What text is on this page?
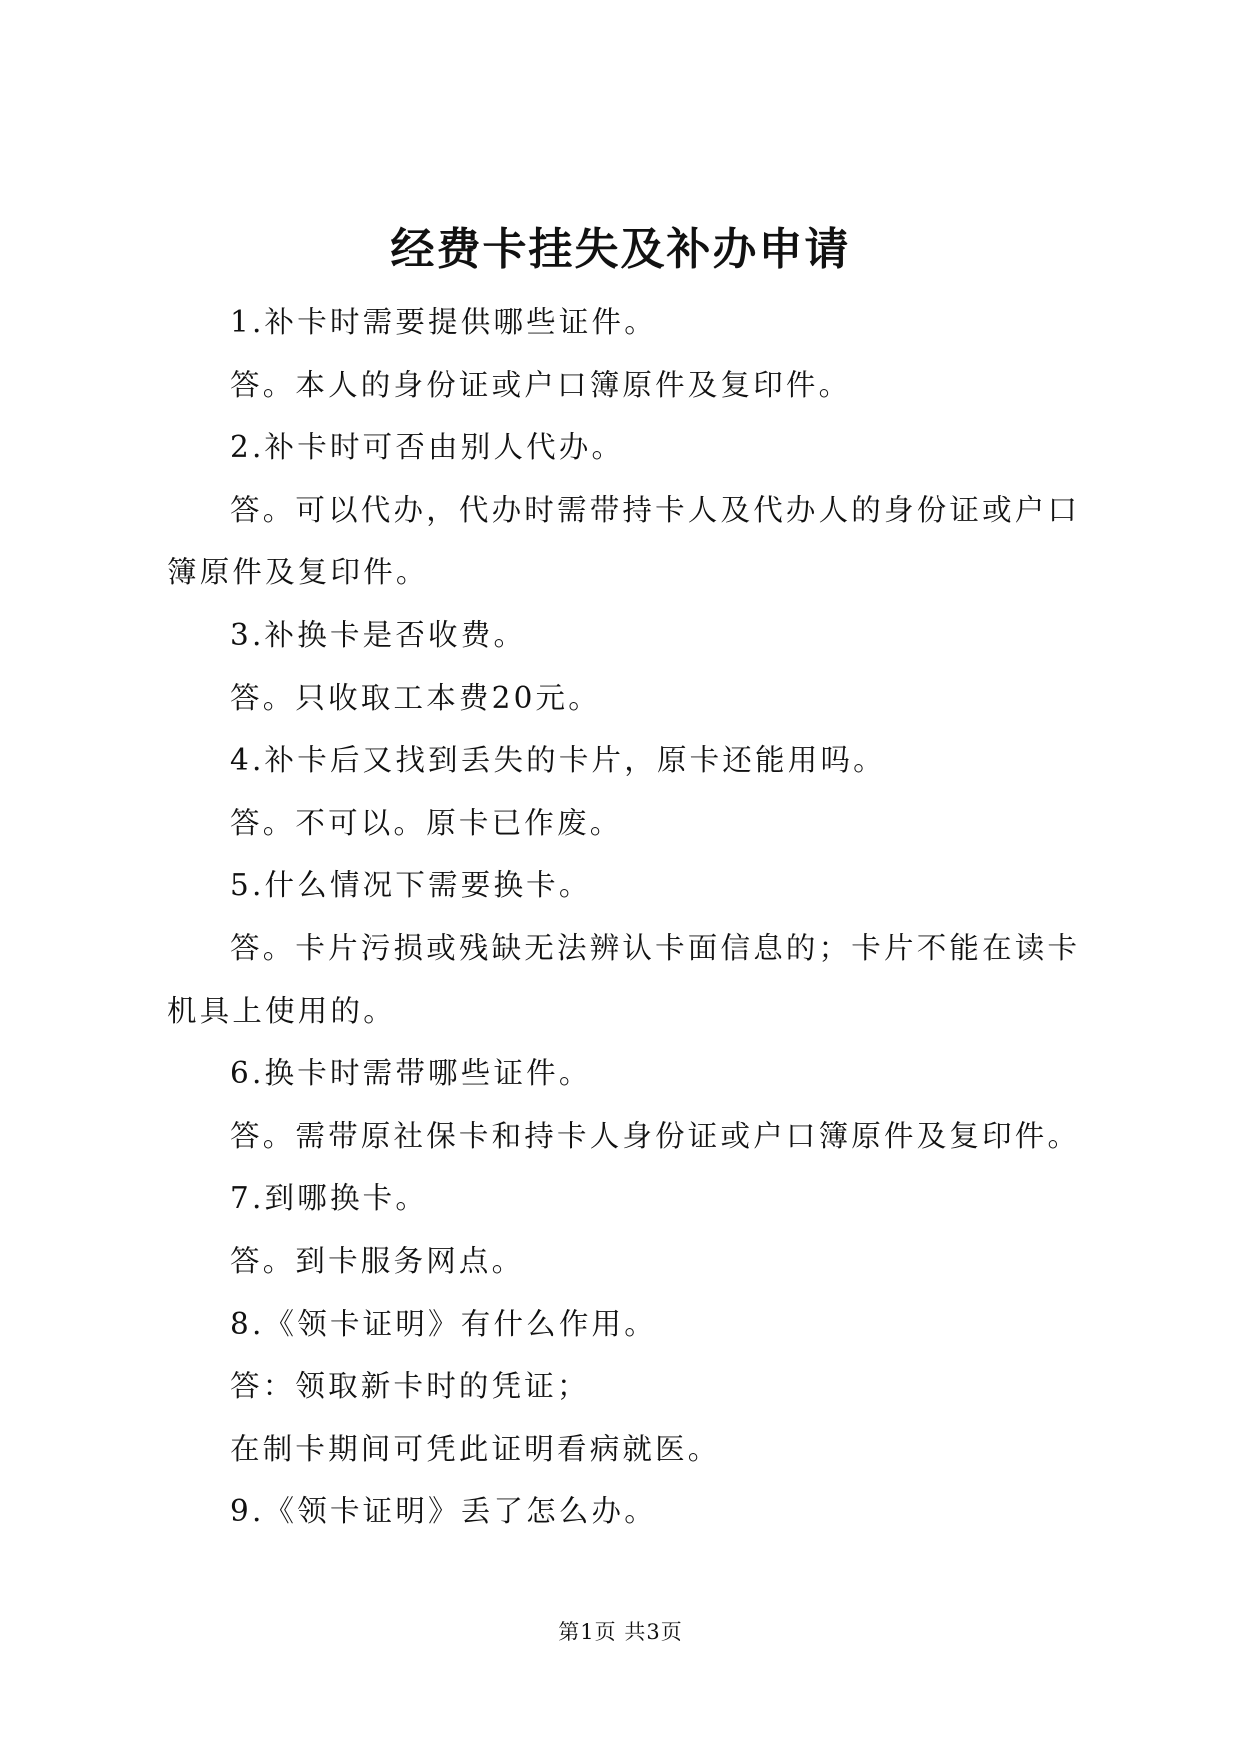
经费卡挂失及补办申请

1.补卡时需要提供哪些证件。

答。本人的身份证或户口簿原件及复印件。

2.补卡时可否由别人代办。

答。可以代办，代办时需带持卡人及代办人的身份证或户口簿原件及复印件。

3.补换卡是否收费。

答。只收取工本费20元。

4.补卡后又找到丢失的卡片，原卡还能用吗。

答。不可以。原卡已作废。

5.什么情况下需要换卡。

答。卡片污损或残缺无法辨认卡面信息的；卡片不能在读卡机具上使用的。

6.换卡时需带哪些证件。

答。需带原社保卡和持卡人身份证或户口簿原件及复印件。

7.到哪换卡。

答。到卡服务网点。

8.《领卡证明》有什么作用。

答：领取新卡时的凭证；

在制卡期间可凭此证明看病就医。

9.《领卡证明》丢了怎么办。

第1页 共3页
